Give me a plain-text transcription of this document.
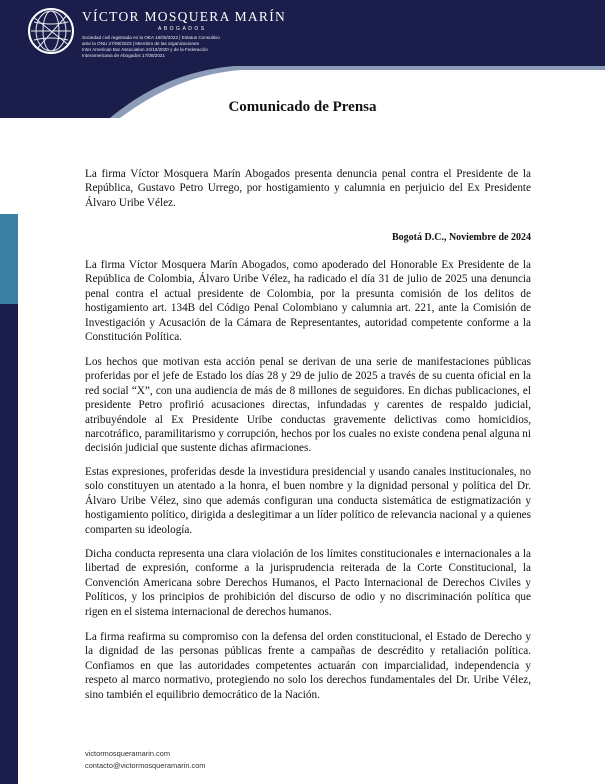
VÍCTOR MOSQUERA MARÍN
ABOGADOS
Sociedad civil registrada en la OEA 16/05/2022 | Estatus Consultivo
ante la ONU 27/06/2023 | Miembro de las organizaciones
Inter American Bar Association 24/10/2020 y de la Federación
Interamericana de Abogados 17/08/2021
Comunicado de Prensa
La firma Víctor Mosquera Marín Abogados presenta denuncia penal contra el Presidente de la República, Gustavo Petro Urrego, por hostigamiento y calumnia en perjuicio del Ex Presidente Álvaro Uribe Vélez.
Bogotá D.C., Noviembre de 2024
La firma Víctor Mosquera Marín Abogados, como apoderado del Honorable Ex Presidente de la República de Colombia, Álvaro Uribe Vélez, ha radicado el día 31 de julio de 2025 una denuncia penal contra el actual presidente de Colombia, por la presunta comisión de los delitos de hostigamiento art. 134B del Código Penal Colombiano y calumnia art. 221, ante la Comisión de Investigación y Acusación de la Cámara de Representantes, autoridad competente conforme a la Constitución Política.
Los hechos que motivan esta acción penal se derivan de una serie de manifestaciones públicas proferidas por el jefe de Estado los días 28 y 29 de julio de 2025 a través de su cuenta oficial en la red social “X”, con una audiencia de más de 8 millones de seguidores. En dichas publicaciones, el presidente Petro profirió acusaciones directas, infundadas y carentes de respaldo judicial, atribuyéndole al Ex Presidente Uribe conductas gravemente delictivas como homicidios, narcotráfico, paramilitarismo y corrupción, hechos por los cuales no existe condena penal alguna ni decisión judicial que sustente dichas afirmaciones.
Estas expresiones, proferidas desde la investidura presidencial y usando canales institucionales, no solo constituyen un atentado a la honra, el buen nombre y la dignidad personal y política del Dr. Álvaro Uribe Vélez, sino que además configuran una conducta sistemática de estigmatización y hostigamiento político, dirigida a deslegitimar a un líder político de relevancia nacional y a quienes comparten su ideología.
Dicha conducta representa una clara violación de los límites constitucionales e internacionales a la libertad de expresión, conforme a la jurisprudencia reiterada de la Corte Constitucional, la Convención Americana sobre Derechos Humanos, el Pacto Internacional de Derechos Civiles y Políticos, y los principios de prohibición del discurso de odio y no discriminación política que rigen en el sistema internacional de derechos humanos.
La firma reafirma su compromiso con la defensa del orden constitucional, el Estado de Derecho y la dignidad de las personas públicas frente a campañas de descrédito y retaliación política. Confiamos en que las autoridades competentes actuarán con imparcialidad, independencia y respeto al marco normativo, protegiendo no solo los derechos fundamentales del Dr. Uribe Vélez, sino también el equilibrio democrático de la Nación.
victormosqueramarin.com
contacto@victormosqueramarin.com
